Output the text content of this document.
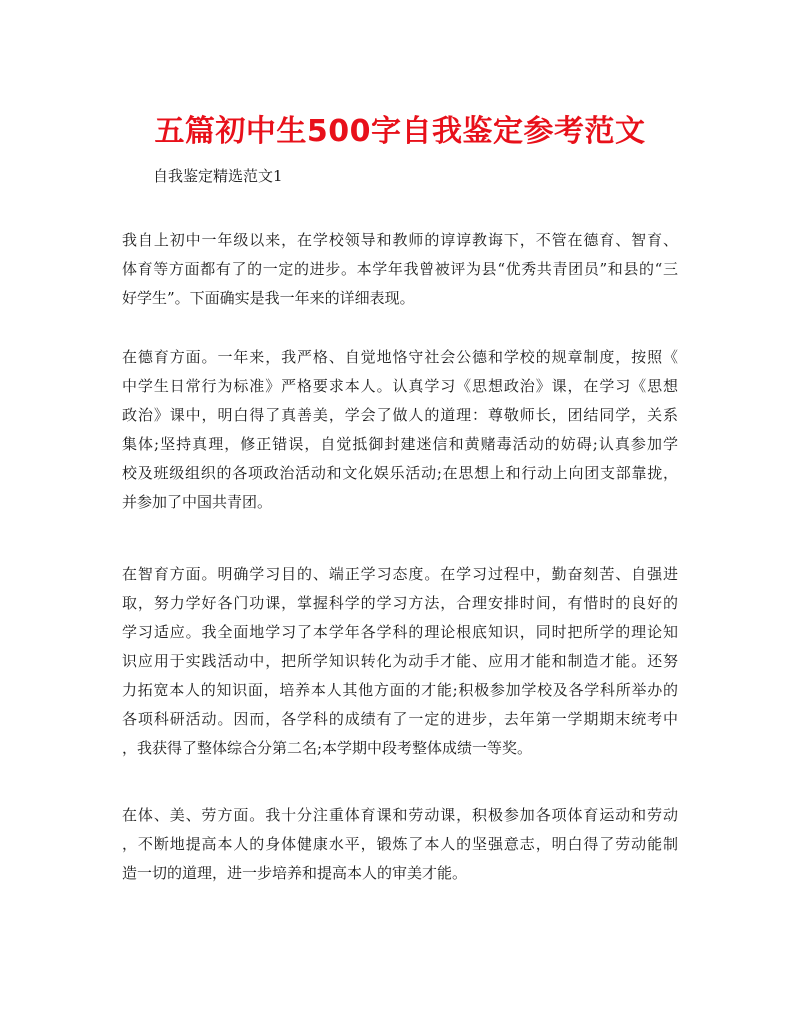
五篇初中生500字自我鉴定参考范文
自我鉴定精选范文1
我自上初中一年级以来，在学校领导和教师的谆谆教诲下，不管在德育、智育、
体育等方面都有了的一定的进步。本学年我曾被评为县“优秀共青团员”和县的“三
好学生”。下面确实是我一年来的详细表现。
在德育方面。一年来，我严格、自觉地恪守社会公德和学校的规章制度，按照《
中学生日常行为标准》严格要求本人。认真学习《思想政治》课，在学习《思想
政治》课中，明白得了真善美，学会了做人的道理：尊敬师长，团结同学，关系
集体;坚持真理，修正错误，自觉抵御封建迷信和黄赌毒活动的妨碍;认真参加学
校及班级组织的各项政治活动和文化娱乐活动;在思想上和行动上向团支部靠拢，
并参加了中国共青团。
在智育方面。明确学习目的、端正学习态度。在学习过程中，勤奋刻苦、自强进
取，努力学好各门功课，掌握科学的学习方法，合理安排时间，有惜时的良好的
学习适应。我全面地学习了本学年各学科的理论根底知识，同时把所学的理论知
识应用于实践活动中，把所学知识转化为动手才能、应用才能和制造才能。还努
力拓宽本人的知识面，培养本人其他方面的才能;积极参加学校及各学科所举办的
各项科研活动。因而，各学科的成绩有了一定的进步，去年第一学期期末统考中
，我获得了整体综合分第二名;本学期中段考整体成绩一等奖。
在体、美、劳方面。我十分注重体育课和劳动课，积极参加各项体育运动和劳动
，不断地提高本人的身体健康水平，锻炼了本人的坚强意志，明白得了劳动能制
造一切的道理，进一步培养和提高本人的审美才能。
